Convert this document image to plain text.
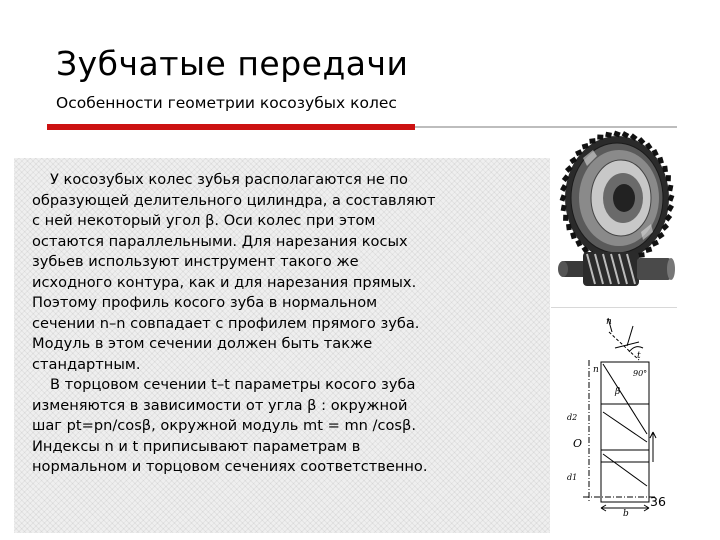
Зубчатые передачи
Особенности геометрии косозубых колес
У косозубых колес зубья располагаются не по
образующей делительного цилиндра, а составляют
с ней некоторый угол β. Оси колес при этом
остаются параллельными. Для нарезания косых
зубьев используют инструмент такого же
исходного контура, как и для нарезания прямых.
Поэтому профиль косого зуба в нормальном
сечении n–n совпадает с профилем прямого зуба.
Модуль в этом сечении должен быть также
стандартным.
В торцовом сечении t–t параметры косого зуба
изменяются в зависимости от угла β : окружной
шаг pt=pn/cosβ, окружной модуль mt = mn /cosβ.
Индексы n и t приписывают параметрам в
нормальном и торцовом сечениях соответственно.
n
n
t
β
90°
d2
d1
b
O
36
